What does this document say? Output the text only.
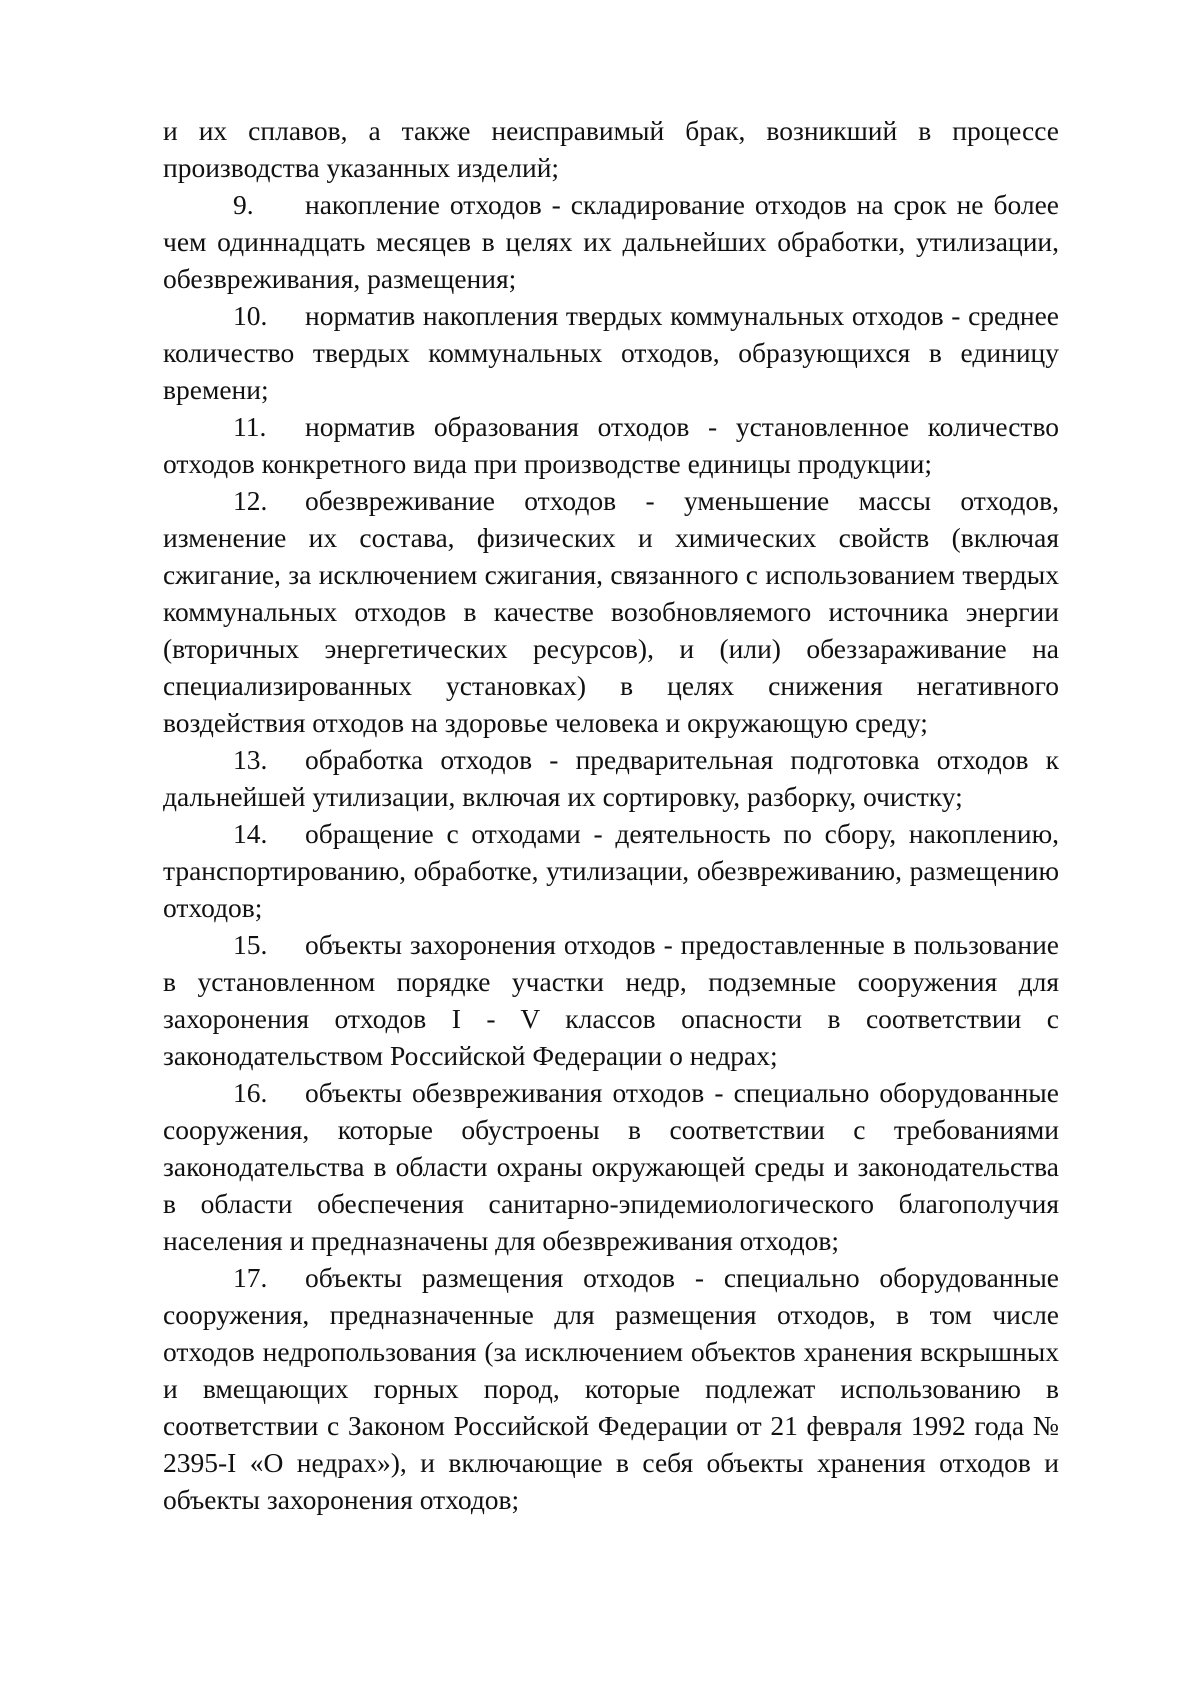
и их сплавов, а также неисправимый брак, возникший в процессе производства указанных изделий;

9. накопление отходов - складирование отходов на срок не более чем одиннадцать месяцев в целях их дальнейших обработки, утилизации, обезвреживания, размещения;

10. норматив накопления твердых коммунальных отходов - среднее количество твердых коммунальных отходов, образующихся в единицу времени;

11. норматив образования отходов - установленное количество отходов конкретного вида при производстве единицы продукции;

12. обезвреживание отходов - уменьшение массы отходов, изменение их состава, физических и химических свойств (включая сжигание, за исключением сжигания, связанного с использованием твердых коммунальных отходов в качестве возобновляемого источника энергии (вторичных энергетических ресурсов), и (или) обеззараживание на специализированных установках) в целях снижения негативного воздействия отходов на здоровье человека и окружающую среду;

13. обработка отходов - предварительная подготовка отходов к дальнейшей утилизации, включая их сортировку, разборку, очистку;

14. обращение с отходами - деятельность по сбору, накоплению, транспортированию, обработке, утилизации, обезвреживанию, размещению отходов;

15. объекты захоронения отходов - предоставленные в пользование в установленном порядке участки недр, подземные сооружения для захоронения отходов I - V классов опасности в соответствии с законодательством Российской Федерации о недрах;

16. объекты обезвреживания отходов - специально оборудованные сооружения, которые обустроены в соответствии с требованиями законодательства в области охраны окружающей среды и законодательства в области обеспечения санитарно-эпидемиологического благополучия населения и предназначены для обезвреживания отходов;

17. объекты размещения отходов - специально оборудованные сооружения, предназначенные для размещения отходов, в том числе отходов недропользования (за исключением объектов хранения вскрышных и вмещающих горных пород, которые подлежат использованию в соответствии с Законом Российской Федерации от 21 февраля 1992 года № 2395-I «О недрах»), и включающие в себя объекты хранения отходов и объекты захоронения отходов;
